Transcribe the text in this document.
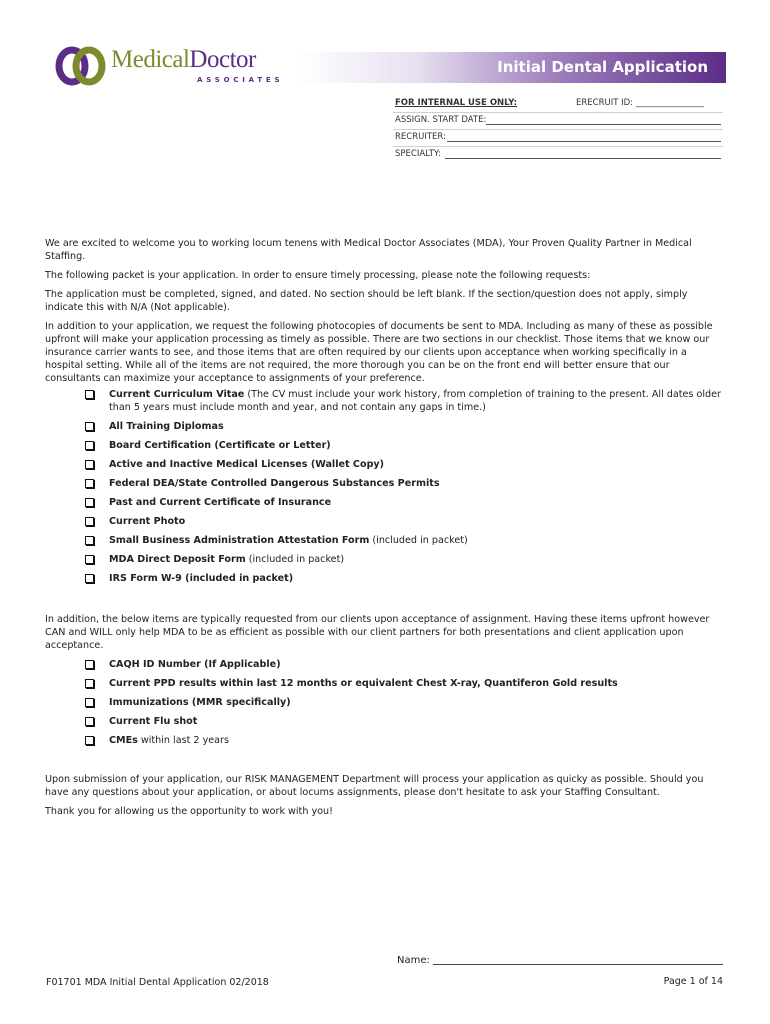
MedicalDoctor
ASSOCIATES
Initial Dental Application
FOR INTERNAL USE ONLY:	ERECRUIT ID: ________________
ASSIGN. START DATE:
RECRUITER:
SPECIALTY:

We are excited to welcome you to working locum tenens with Medical Doctor Associates (MDA), Your Proven Quality Partner in Medical Staffing.

The following packet is your application. In order to ensure timely processing, please note the following requests:

The application must be completed, signed, and dated. No section should be left blank. If the section/question does not apply, simply indicate this with N/A (Not applicable).

In addition to your application, we request the following photocopies of documents be sent to MDA. Including as many of these as possible upfront will make your application processing as timely as possible. There are two sections in our checklist. Those items that we know our insurance carrier wants to see, and those items that are often required by our clients upon acceptance when working specifically in a hospital setting. While all of the items are not required, the more thorough you can be on the front end will better ensure that our consultants can maximize your acceptance to assignments of your preference.

Current Curriculum Vitae (The CV must include your work history, from completion of training to the present. All dates older than 5 years must include month and year, and not contain any gaps in time.)
All Training Diplomas
Board Certification (Certificate or Letter)
Active and Inactive Medical Licenses (Wallet Copy)
Federal DEA/State Controlled Dangerous Substances Permits
Past and Current Certificate of Insurance
Current Photo
Small Business Administration Attestation Form (included in packet)
MDA Direct Deposit Form (included in packet)
IRS Form W-9 (included in packet)

In addition, the below items are typically requested from our clients upon acceptance of assignment. Having these items upfront however CAN and WILL only help MDA to be as efficient as possible with our client partners for both presentations and client application upon acceptance.

CAQH ID Number (If Applicable)
Current PPD results within last 12 months or equivalent Chest X-ray, Quantiferon Gold results
Immunizations (MMR specifically)
Current Flu shot
CMEs within last 2 years

Upon submission of your application, our RISK MANAGEMENT Department will process your application as quicky as possible. Should you have any questions about your application, or about locums assignments, please don't hesitate to ask your Staffing Consultant.

Thank you for allowing us the opportunity to work with you!

Name:
F01701 MDA Initial Dental Application 02/2018	Page 1 of 14
